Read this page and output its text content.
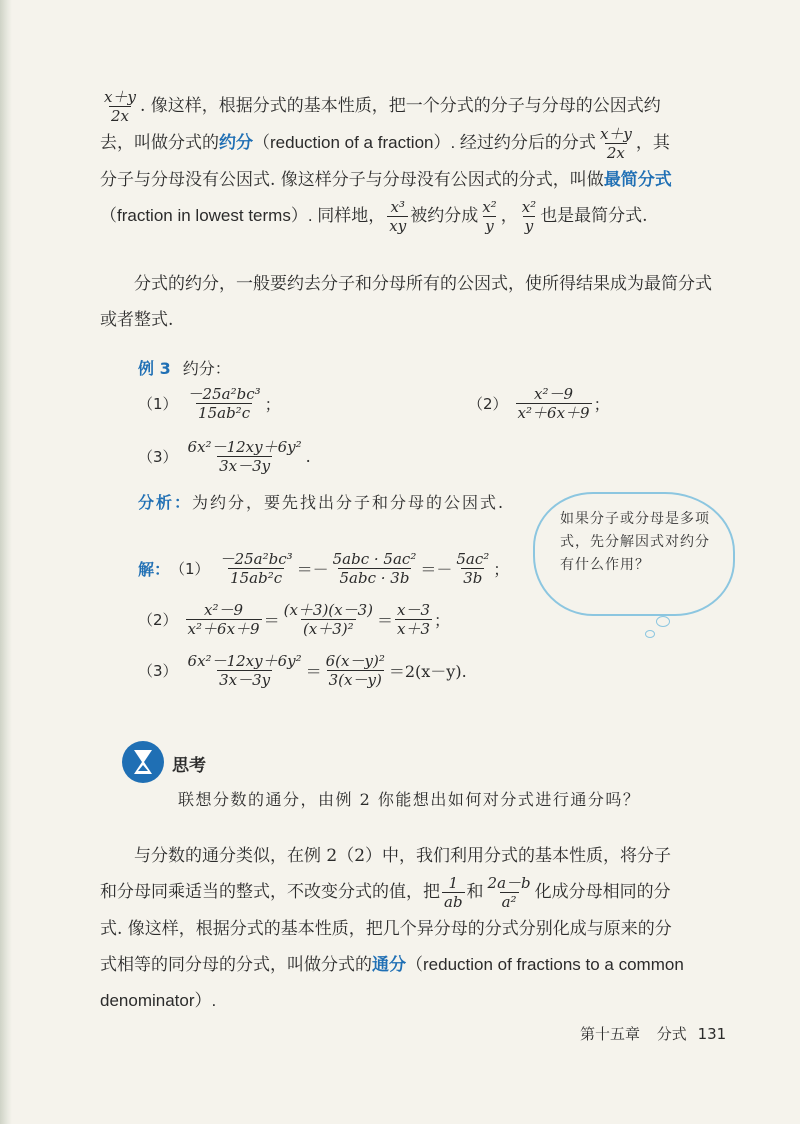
$\frac{x+y}{2x}$ . 像这样，根据分式的基本性质，把一个分式的分子与分母的公因式约

去，叫做分式的约分（reduction of a fraction）. 经过约分后的分式 $\frac{x+y}{2x}$ ，其

分子与分母没有公因式. 像这样分子与分母没有公因式的分式，叫做最简分式

（fraction in lowest terms）. 同样地， $\frac{\text{x³}}{xy}$ 被约分成 $\frac{\text{x²}}{y}$ ， $\frac{\text{x²}}{y}$ 也是最简分式.

分式的约分，一般要约去分子和分母所有的公因式，使所得结果成为最简分式或者整式.
例 3 约分：
$(1) \frac{\text{－25a²bc³}}{\text{15ab²c}}$ ；	$(2) \frac{\text{x²－9}}{\text{x²＋6x＋9}}$ ；
$(3) \frac{\text{6x²－12xy＋6y²}}{3x-3y}$ .
分析：为约分，要先找出分子和分母的公因式.
解： $(1) \frac{\text{－25a²bc³}}{\text{15ab²c}} =- \frac{\text{5abc · 5ac²}}{\text{5abc · 3b}} =- \frac{\text{5ac²}}{3b}$ ；
$(2) \frac{\text{x²－9}}{\text{x²＋6x＋9}} = \frac{(x+3)(x-3)}{\text{(x＋3)²}} = \frac{x-3}{x+3}$ ；
$(3) \frac{\text{6x²－12xy＋6y²}}{3x-3y} = \frac{\text{6(x－y)²}}{3(x-y)} =2(x-y)$.
如果分子或分母是多项式，先分解因式对约分有什么作用？
思考
联想分数的通分，由例 2 你能想出如何对分式进行通分吗？

与分数的通分类似，在例 2（2）中，我们利用分式的基本性质，将分子

和分母同乘适当的整式，不改变分式的值，把 $\frac{1}{ab}$ 和 $\frac{2a-b}{\text{a²}}$ 化成分母相同的分

式. 像这样，根据分式的基本性质，把几个异分母的分式分别化成与原来的分

式相等的同分母的分式，叫做分式的通分（reduction of fractions to a common

denominator）.

第十五章 分式 131
